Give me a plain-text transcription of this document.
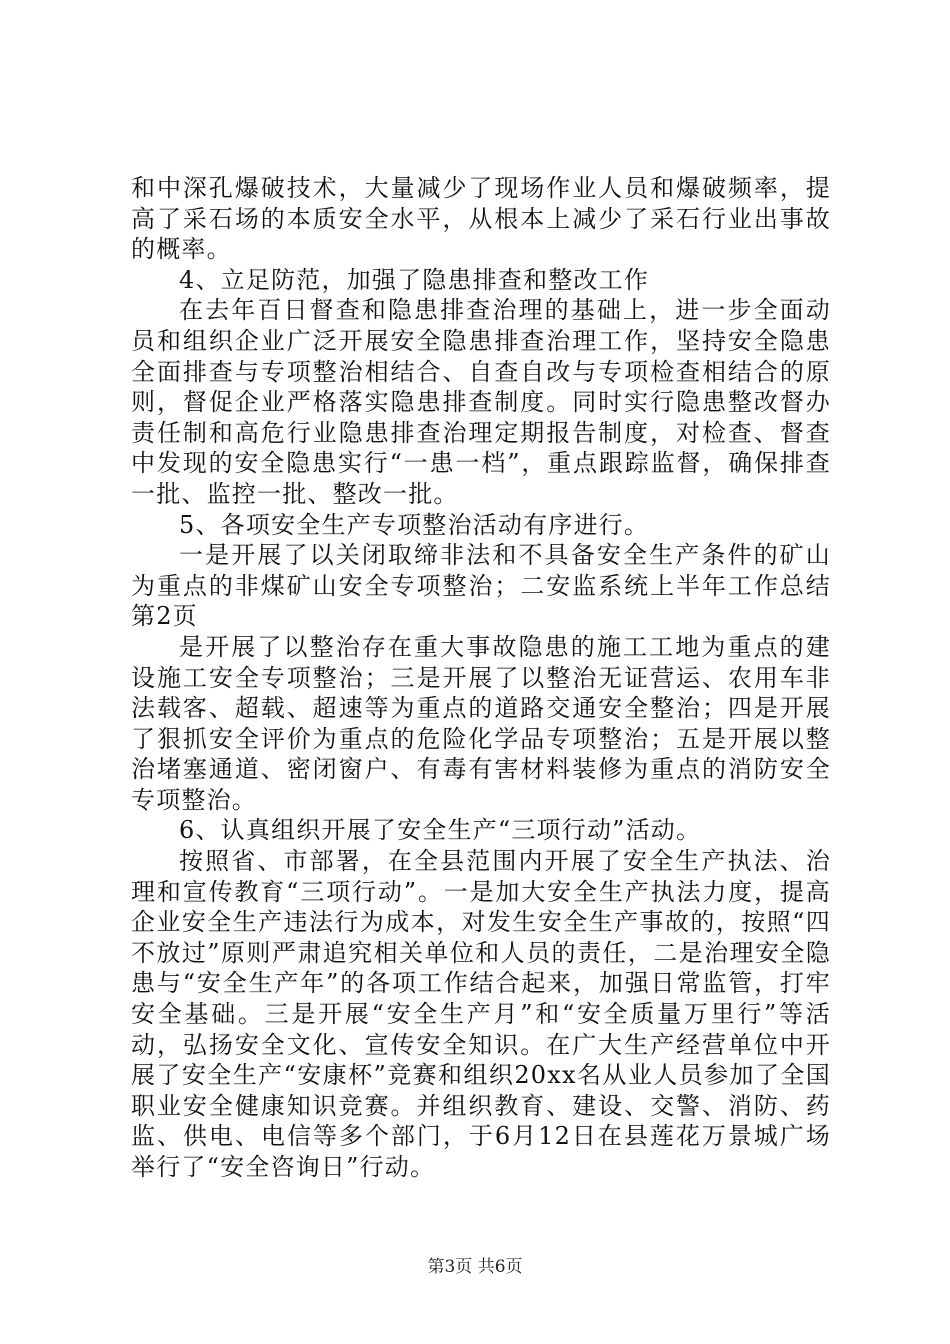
和中深孔爆破技术，大量减少了现场作业人员和爆破频率，提高了采石场的本质安全水平，从根本上减少了采石行业出事故的概率。

4、立足防范，加强了隐患排查和整改工作

在去年百日督查和隐患排查治理的基础上，进一步全面动员和组织企业广泛开展安全隐患排查治理工作，坚持安全隐患全面排查与专项整治相结合、自查自改与专项检查相结合的原则，督促企业严格落实隐患排查制度。同时实行隐患整改督办责任制和高危行业隐患排查治理定期报告制度，对检查、督查中发现的安全隐患实行“一患一档”，重点跟踪监督，确保排查一批、监控一批、整改一批。

5、各项安全生产专项整治活动有序进行。

一是开展了以关闭取缔非法和不具备安全生产条件的矿山为重点的非煤矿山安全专项整治；二安监系统上半年工作总结第2页

是开展了以整治存在重大事故隐患的施工工地为重点的建设施工安全专项整治；三是开展了以整治无证营运、农用车非法载客、超载、超速等为重点的道路交通安全整治；四是开展了狠抓安全评价为重点的危险化学品专项整治；五是开展以整治堵塞通道、密闭窗户、有毒有害材料装修为重点的消防安全专项整治。

6、认真组织开展了安全生产“三项行动”活动。

按照省、市部署，在全县范围内开展了安全生产执法、治理和宣传教育“三项行动”。一是加大安全生产执法力度，提高企业安全生产违法行为成本，对发生安全生产事故的，按照“四不放过”原则严肃追究相关单位和人员的责任，二是治理安全隐患与“安全生产年”的各项工作结合起来，加强日常监管，打牢安全基础。三是开展“安全生产月”和“安全质量万里行”等活动，弘扬安全文化、宣传安全知识。在广大生产经营单位中开展了安全生产“安康杯”竞赛和组织20xx名从业人员参加了全国职业安全健康知识竞赛。并组织教育、建设、交警、消防、药监、供电、电信等多个部门，于6月12日在县莲花万景城广场举行了“安全咨询日”行动。

第3页 共6页
